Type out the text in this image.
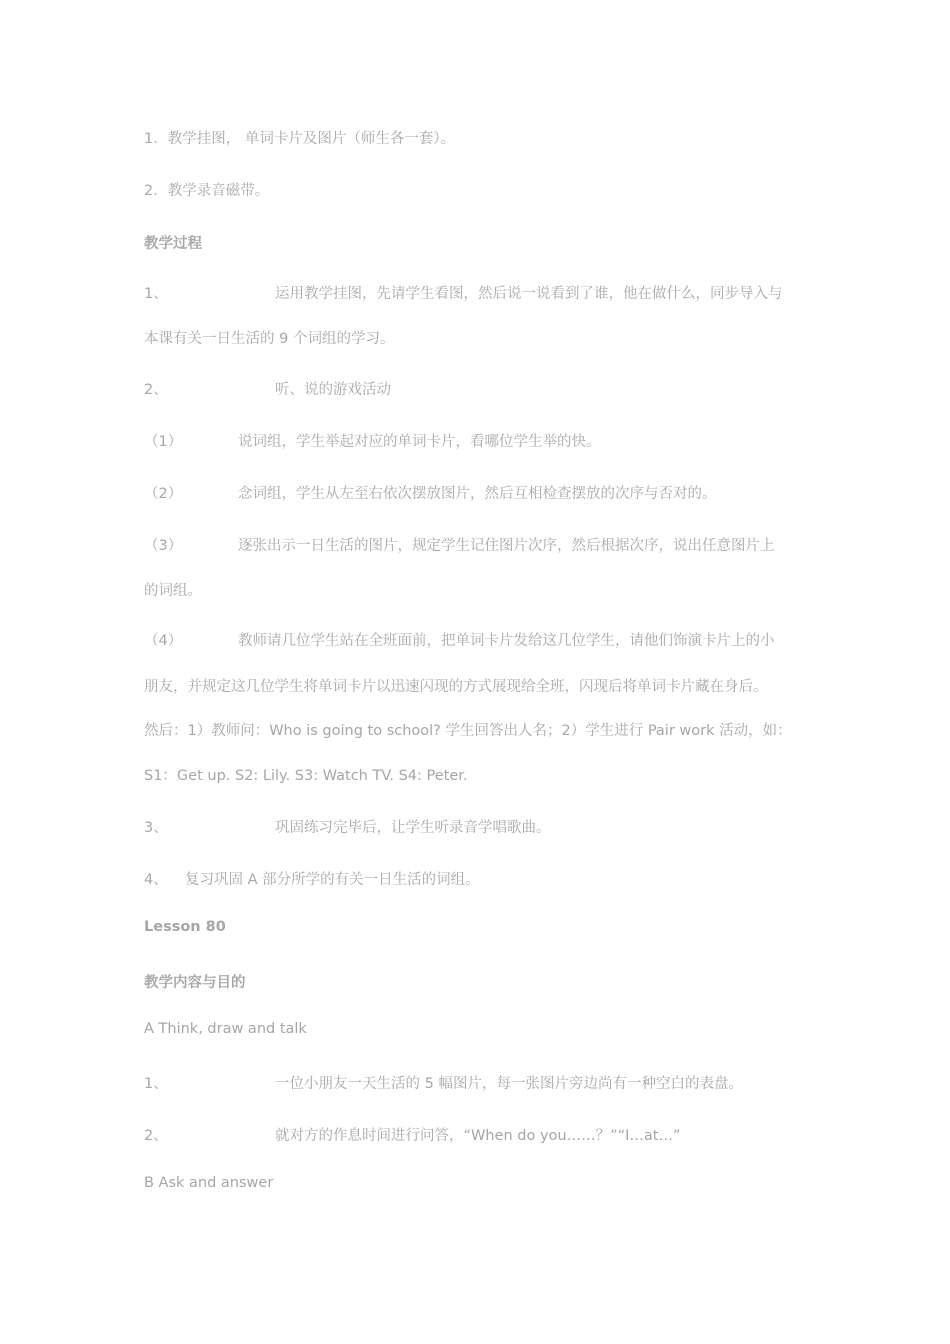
1．教学挂图， 单词卡片及图片（师生各一套）。
2．教学录音磁带。
教学过程
1、	运用教学挂图，先请学生看图，然后说一说看到了谁，他在做什么，同步导入与
本课有关一日生活的 9 个词组的学习。
2、	听、说的游戏活动
（1）	说词组，学生举起对应的单词卡片，看哪位学生举的快。
（2）	念词组，学生从左至右依次摆放图片，然后互相检查摆放的次序与否对的。
（3）	逐张出示一日生活的图片，规定学生记住图片次序，然后根据次序，说出任意图片上
的词组。
（4）	教师请几位学生站在全班面前，把单词卡片发给这几位学生，请他们饰演卡片上的小
朋友，并规定这几位学生将单词卡片以迅速闪现的方式展现给全班，闪现后将单词卡片藏在身后。
然后：1）教师问：Who is going to school? 学生回答出人名；2）学生进行 Pair work 活动，如：
S1：Get up. S2: Lily. S3: Watch TV. S4: Peter.
3、	巩固练习完毕后，让学生听录音学唱歌曲。
4、 复习巩固 A 部分所学的有关一日生活的词组。
Lesson 80
教学内容与目的
A Think, draw and talk
1、	一位小朋友一天生活的 5 幅图片，每一张图片旁边尚有一种空白的表盘。
2、	就对方的作息时间进行问答，“When do you……？”“I…at…”
B Ask and answer
